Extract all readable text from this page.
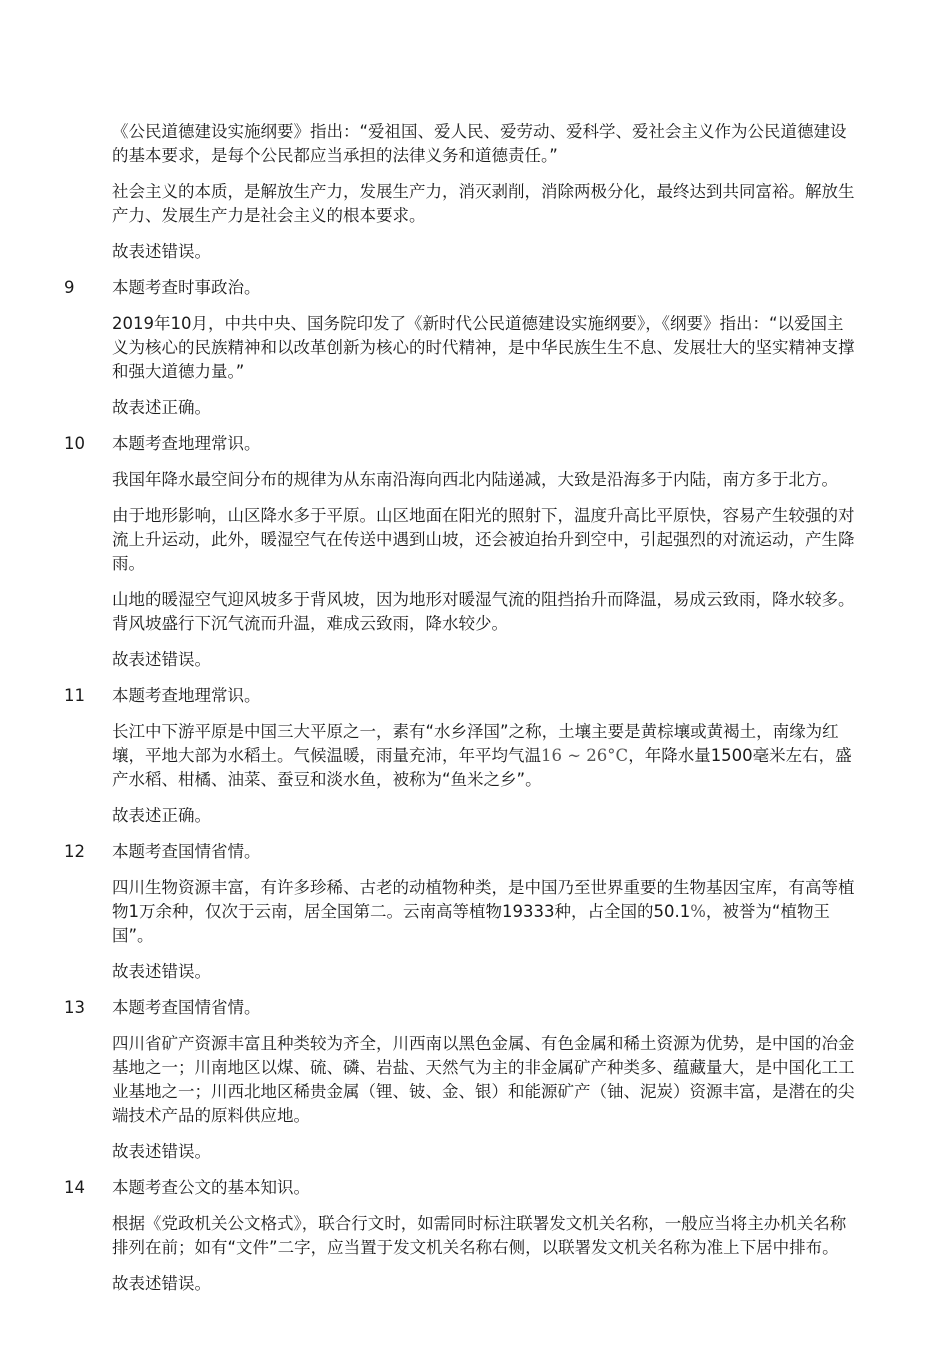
《公民道德建设实施纲要》指出：“爱祖国、爱人民、爱劳动、爱科学、爱社会主义作为公民道德建设的基本要求，是每个公民都应当承担的法律义务和道德责任。”

社会主义的本质，是解放生产力，发展生产力，消灭剥削，消除两极分化，最终达到共同富裕。解放生产力、发展生产力是社会主义的根本要求。

故表述错误。

9 本题考查时事政治。

2019年10月，中共中央、国务院印发了《新时代公民道德建设实施纲要》，《纲要》指出：“以爱国主义为核心的民族精神和以改革创新为核心的时代精神，是中华民族生生不息、发展壮大的坚实精神支撑和强大道德力量。”

故表述正确。

10 本题考查地理常识。

我国年降水最空间分布的规律为从东南沿海向西北内陆递减，大致是沿海多于内陆，南方多于北方。

由于地形影响，山区降水多于平原。山区地面在阳光的照射下，温度升高比平原快，容易产生较强的对流上升运动，此外，暖湿空气在传送中遇到山坡，还会被迫抬升到空中，引起强烈的对流运动，产生降雨。

山地的暖湿空气迎风坡多于背风坡，因为地形对暖湿气流的阻挡抬升而降温，易成云致雨，降水较多。背风坡盛行下沉气流而升温，难成云致雨，降水较少。

故表述错误。

11 本题考查地理常识。

长江中下游平原是中国三大平原之一，素有“水乡泽国”之称，土壤主要是黄棕壤或黄褐土，南缘为红壤，平地大部为水稻土。气候温暖，雨量充沛，年平均气温16 ∼ 26°C，年降水量1500毫米左右，盛产水稻、柑橘、油菜、蚕豆和淡水鱼，被称为“鱼米之乡”。

故表述正确。

12 本题考查国情省情。

四川生物资源丰富，有许多珍稀、古老的动植物种类，是中国乃至世界重要的生物基因宝库，有高等植物1万余种，仅次于云南，居全国第二。云南高等植物19333种，占全国的50.1%，被誉为“植物王国”。

故表述错误。

13 本题考查国情省情。

四川省矿产资源丰富且种类较为齐全，川西南以黑色金属、有色金属和稀土资源为优势，是中国的冶金基地之一；川南地区以煤、硫、磷、岩盐、天然气为主的非金属矿产种类多、蕴藏量大，是中国化工工业基地之一；川西北地区稀贵金属（锂、铍、金、银）和能源矿产（铀、泥炭）资源丰富，是潜在的尖端技术产品的原料供应地。

故表述错误。

14 本题考查公文的基本知识。

根据《党政机关公文格式》，联合行文时，如需同时标注联署发文机关名称，一般应当将主办机关名称排列在前；如有“文件”二字，应当置于发文机关名称右侧，以联署发文机关名称为准上下居中排布。

故表述错误。
